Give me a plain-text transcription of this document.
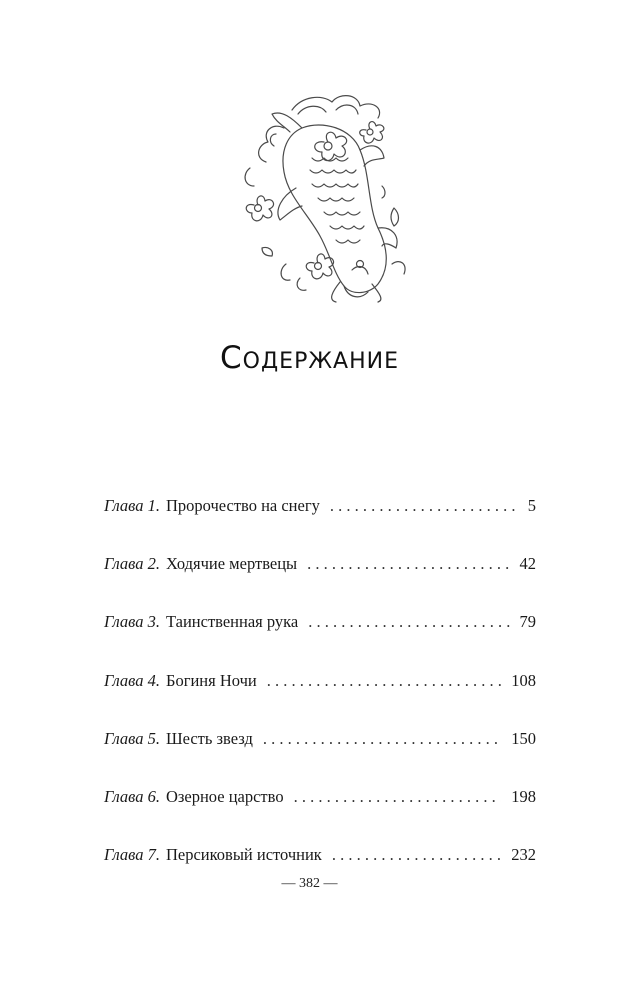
Содержание
Глава 1. Пророчество на снегу . . .	5
Глава 2. Ходячие мертвецы . . .	42
Глава 3. Таинственная рука . . .	79
Глава 4. Богиня Ночи . . .	108
Глава 5. Шесть звезд . . .	150
Глава 6. Озерное царство . . .	198
Глава 7. Персиковый источник . . .	232
— 382 —
